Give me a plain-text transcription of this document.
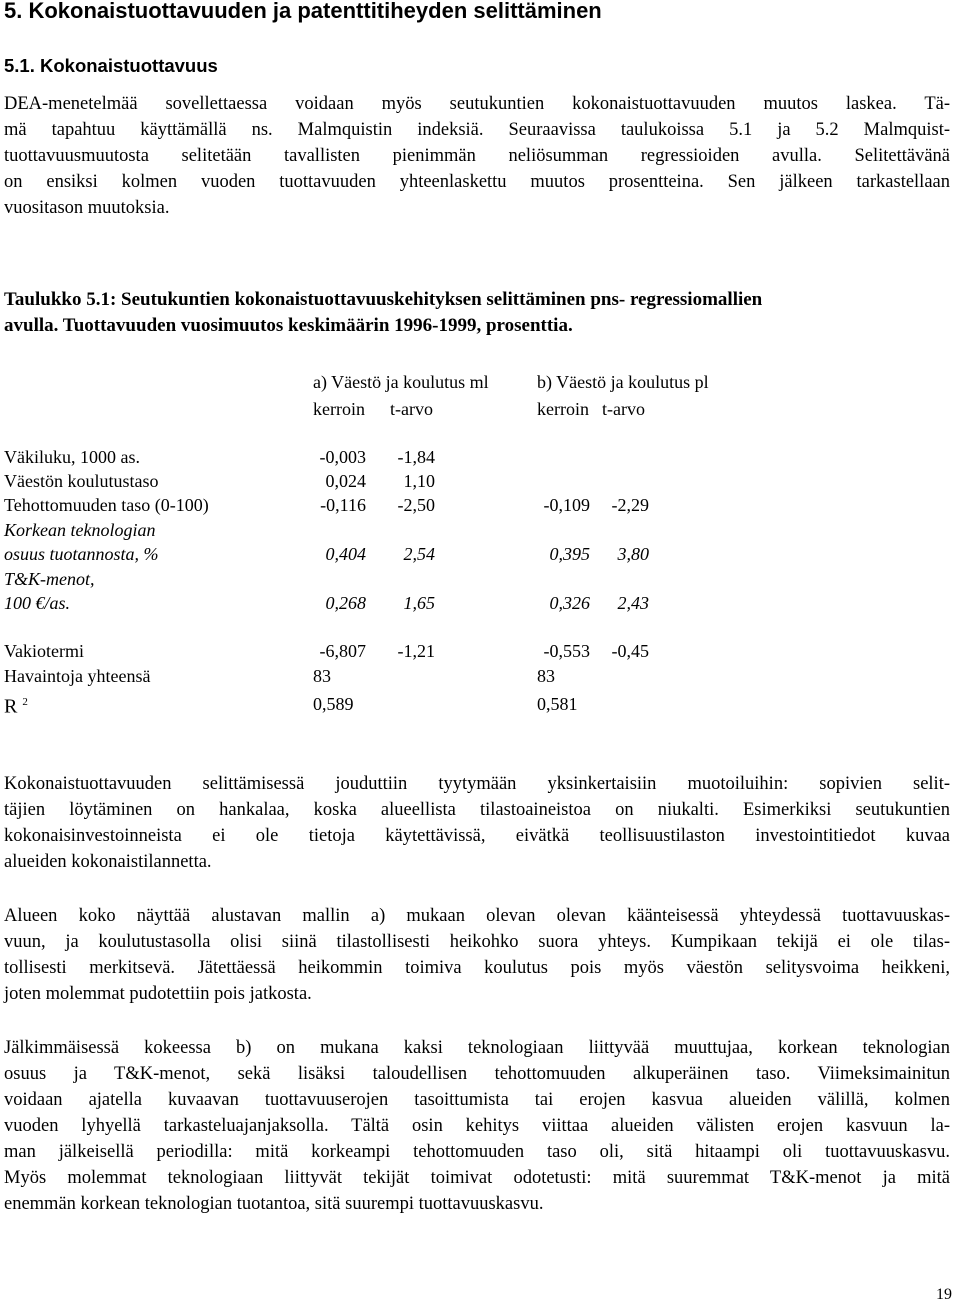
5. Kokonaistuottavuuden ja patenttitiheyden selittäminen
5.1. Kokonaistuottavuus
DEA-menetelmää sovellettaessa voidaan myös seutukuntien kokonaistuottavuuden muutos laskea. Tä-
mä tapahtuu käyttämällä ns. Malmquistin indeksiä. Seuraavissa taulukoissa 5.1 ja 5.2 Malmquist-
tuottavuusmuutosta selitetään tavallisten pienimmän neliösumman regressioiden avulla. Selitettävänä
on ensiksi kolmen vuoden tuottavuuden yhteenlaskettu muutos prosentteina. Sen jälkeen tarkastellaan
vuositason muutoksia.
Taulukko 5.1: Seutukuntien kokonaistuottavuuskehityksen selittäminen pns- regressiomallien
avulla. Tuottavuuden vuosimuutos keskimäärin 1996-1999, prosenttia.
a) Väestö ja koulutus ml	b) Väestö ja koulutus pl
kerroin t-arvo	kerroin t-arvo
Väkiluku, 1000 as.	-0,003 -1,84
Väestön koulutustaso	0,024 1,10
Tehottomuuden taso (0-100)	-0,116 -2,50	-0,109 -2,29
Korkean teknologian
osuus tuotannosta, %	0,404 2,54	0,395 3,80
T&K-menot,
100 €/as.	0,268 1,65	0,326 2,43
Vakiotermi	-6,807 -1,21	-0,553 -0,45
Havaintoja yhteensä	83	83
R $^2$	0,589	0,581
Kokonaistuottavuuden selittämisessä jouduttiin tyytymään yksinkertaisiin muotoiluihin: sopivien selit-
täjien löytäminen on hankalaa, koska alueellista tilastoaineistoa on niukalti. Esimerkiksi seutukuntien
kokonaisinvestoinneista ei ole tietoja käytettävissä, eivätkä teollisuustilaston investointitiedot kuvaa
alueiden kokonaistilannetta.
Alueen koko näyttää alustavan mallin a) mukaan olevan olevan käänteisessä yhteydessä tuottavuuskas-
vuun, ja koulutustasolla olisi siinä tilastollisesti heikohko suora yhteys. Kumpikaan tekijä ei ole tilas-
tollisesti merkitsevä. Jätettäessä heikommin toimiva koulutus pois myös väestön selitysvoima heikkeni,
joten molemmat pudotettiin pois jatkosta.
Jälkimmäisessä kokeessa b) on mukana kaksi teknologiaan liittyvää muuttujaa, korkean teknologian
osuus ja T&K-menot, sekä lisäksi taloudellisen tehottomuuden alkuperäinen taso. Viimeksimainitun
voidaan ajatella kuvaavan tuottavuuserojen tasoittumista tai erojen kasvua alueiden välillä, kolmen
vuoden lyhyellä tarkasteluajanjaksolla. Tältä osin kehitys viittaa alueiden välisten erojen kasvuun la-
man jälkeisellä periodilla: mitä korkeampi tehottomuuden taso oli, sitä hitaampi oli tuottavuuskasvu.
Myös molemmat teknologiaan liittyvät tekijät toimivat odotetusti: mitä suuremmat T&K-menot ja mitä
enemmän korkean teknologian tuotantoa, sitä suurempi tuottavuuskasvu.
19
